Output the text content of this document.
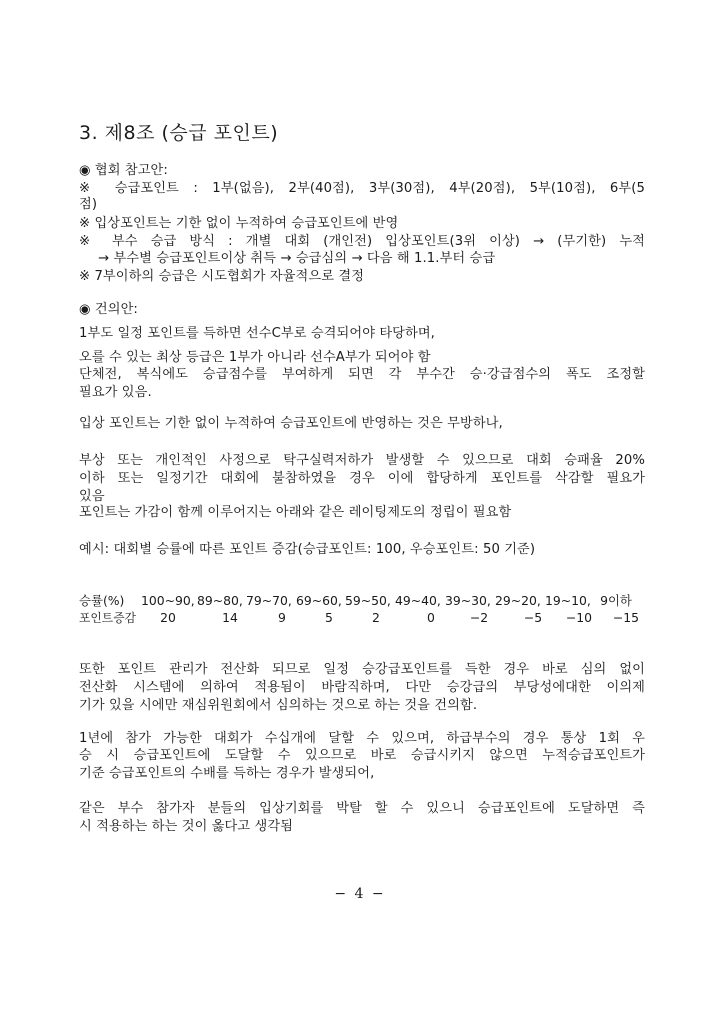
3. 제8조 (승급 포인트)
◉ 협회 참고안:
※ 승급포인트 : 1부(없음), 2부(40점), 3부(30점), 4부(20점), 5부(10점), 6부(5
점)
※ 입상포인트는 기한 없이 누적하여 승급포인트에 반영
※ 부수 승급 방식 : 개별 대회 (개인전) 입상포인트(3위 이상) → (무기한) 누적
→ 부수별 승급포인트이상 취득 → 승급심의 → 다음 해 1.1.부터 승급
※ 7부이하의 승급은 시도협회가 자율적으로 결정
◉ 건의안:
1부도 일정 포인트를 득하면 선수C부로 승격되어야 타당하며,
오를 수 있는 최상 등급은 1부가 아니라 선수A부가 되어야 함
단체전, 복식에도 승급점수를 부여하게 되면 각 부수간 승·강급점수의 폭도 조정할
필요가 있음.
입상 포인트는 기한 없이 누적하여 승급포인트에 반영하는 것은 무방하나,
부상 또는 개인적인 사정으로 탁구실력저하가 발생할 수 있으므로 대회 승패율 20%
이하 또는 일정기간 대회에 불참하였을 경우 이에 합당하게 포인트를 삭감할 필요가
있음
포인트는 가감이 함께 이루어지는 아래와 같은 레이팅제도의 정립이 필요함
예시: 대회별 승률에 따른 포인트 증감(승급포인트: 100, 우승포인트: 50 기준)
승률(%) 100~90, 89~80, 79~70, 69~60, 59~50, 49~40, 39~30, 29~20, 19~10, 9이하
포인트증감	20	14	9	5	2	0	−2	−5	−10	−15
또한 포인트 관리가 전산화 되므로 일정 승강급포인트를 득한 경우 바로 심의 없이
전산화 시스템에 의하여 적용됨이 바람직하며, 다만 승강급의 부당성에대한 이의제
기가 있을 시에만 재심위원회에서 심의하는 것으로 하는 것을 건의함.
1년에 참가 가능한 대회가 수십개에 달할 수 있으며, 하급부수의 경우 통상 1회 우
승 시 승급포인트에 도달할 수 있으므로 바로 승급시키지 않으면 누적승급포인트가
기준 승급포인트의 수배를 득하는 경우가 발생되어,
같은 부수 참가자 분들의 입상기회를 박탈 할 수 있으니 승급포인트에 도달하면 즉
시 적용하는 하는 것이 옳다고 생각됨
− 4 −
